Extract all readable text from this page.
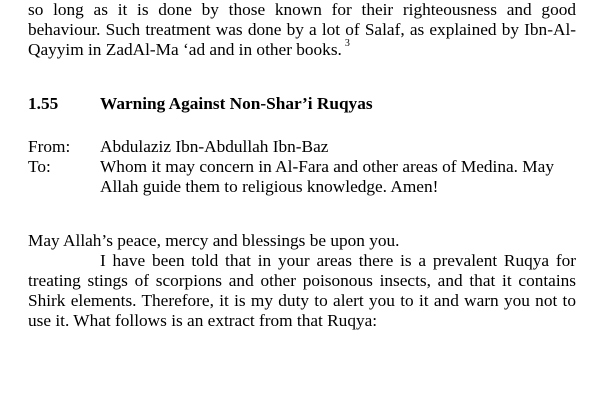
so long as it is done by those known for their righteousness and good behaviour. Such treatment was done by a lot of Salaf, as explained by Ibn-Al-Qayyim in ZadAl-Ma ‘ad and in other books. $^3$

1.55 Warning Against Non-Shar’i Ruqyas
From:	Abdulaziz Ibn-Abdullah Ibn-Baz
To:	Whom it may concern in Al-Fara and other areas of Medina. May Allah guide them to religious knowledge. Amen!

May Allah’s peace, mercy and blessings be upon you.

I have been told that in your areas there is a prevalent Ruqya for treating stings of scorpions and other poisonous insects, and that it contains Shirk elements. Therefore, it is my duty to alert you to it and warn you not to use it. What follows is an extract from that Ruqya:
